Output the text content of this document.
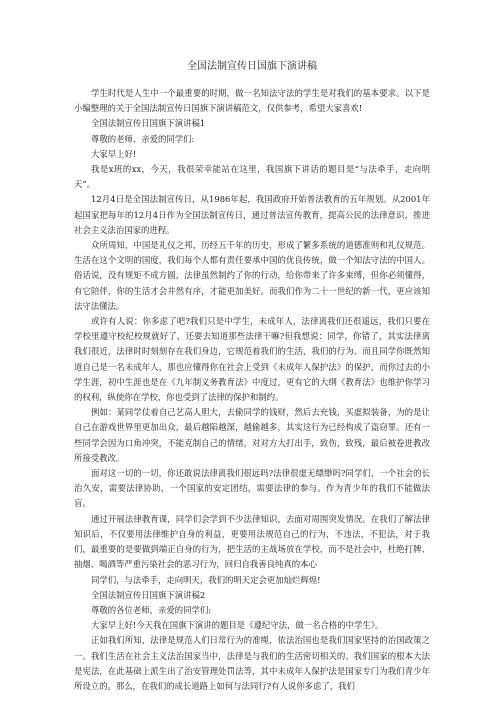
全国法制宣传日国旗下演讲稿

学生时代是人生中一个最重要的时期，做一名知法守法的学生是对我们的基本要求。以下是小编整理的关于全国法制宣传日国旗下演讲稿范文，仅供参考，希望大家喜欢!

全国法制宣传日国旗下演讲稿1

尊敬的老师、亲爱的同学们:

大家早上好!

我是x班的xx，今天，我很荣幸能站在这里，我国旗下讲话的题目是“与法牵手，走向明天”。

12月4日是全国法制宣传日，从1986年起，我国政府开始普法教育的五年规划。从2001年起国家把每年的12月4日作为全国法制宣传日，通过普法宣传教育，提高公民的法律意识，推进社会主义法治国家的进程。

众所周知，中国是礼仪之邦，历经五千年的历史，形成了繁多系统的道德准则和礼仪规范。生活在这个文明的国度，我们每个人都有责任要承中国的优良传统，做一个知法守法的中国人。俗话说，没有规矩不成方圆，法律虽然制约了你的行动，给你带来了许多束缚，但你必须懂得，有它陪伴，你的生活才会井然有序，才能更加美好。而我们作为二十一世纪的新一代，更应该知法守法懂法。

或许有人说：你多虑了吧?我们只是中学生，未成年人，法律离我们还很遥远，我们只要在学校里遵守校纪校规就好了，还要去知道那些法律干嘛?但我想说：同学，你错了，其实法律离我们很近，法律时时刻刻存在我们身边，它规范着我们的生活，我们的行为。而且同学你既然知道自己是一名未成年人，那也应懂得你在社会上受到《未成年人保护法》的保护，而你过去的小学生涯，初中生涯也是在《九年制义务教育法》中度过，更有它的大纲《教育法》也维护你学习的权利，纵使你在学校，你也受到了法律的保护和制约。

例如：某同学仗着自己艺高人胆大，去偷同学的钱财，然后去充钱，买虚拟装备，为的是让自己在游戏世界里更加出众，最后越陷越深，越偷越多，其实这行为已经构成了盗窃罪。还有一些同学会因为口角冲突，不能克制自己的情绪，对对方大打出手，致伤，致残，最后被卷进教改所接受教改。

面对这一切的一切，你还敢说法律离我们很远吗?法律很虚无缥缈吗?同学们，一个社会的长治久安，需要法律协助，一个国家的安定团结，需要法律的参与。作为青少年的我们不能做法盲。

通过开展法律教育课，同学们会学到不少法律知识，去面对周围突发情况。在我们了解法律知识后，不仅要用法律维护自身的利益，更要用法规范自己的行为，不违法，不犯法，对于我们，最重要的是要做到端正自身的行为，把生活的主战场放在学校，而不是社会中，杜绝打牌、抽烟、喝酒等严重污染社会的恶习行为，回归自我善良纯真的本心

同学们，与法牵手，走向明天，我们的明天定会更加灿烂辉煌!

全国法制宣传日国旗下演讲稿2

尊敬的各位老师，亲爱的同学们:

大家早上好!今天我在国旗下演讲的题目是《遵纪守法，做一名合格的中学生》。

正如我们所知，法律是规范人们日常行为的准绳，依法治国也是我们国家坚持的治国政策之一。我们生活在社会主义法治国家当中，法律是与我们的生活密切相关的。我们国家的根本大法是宪法，在此基础上派生出了治安管理处罚法等，其中未成年人保护法是国家专门为我们青少年所设立的。那么，在我们的成长道路上如何与法同行?有人说你多虑了，我们
